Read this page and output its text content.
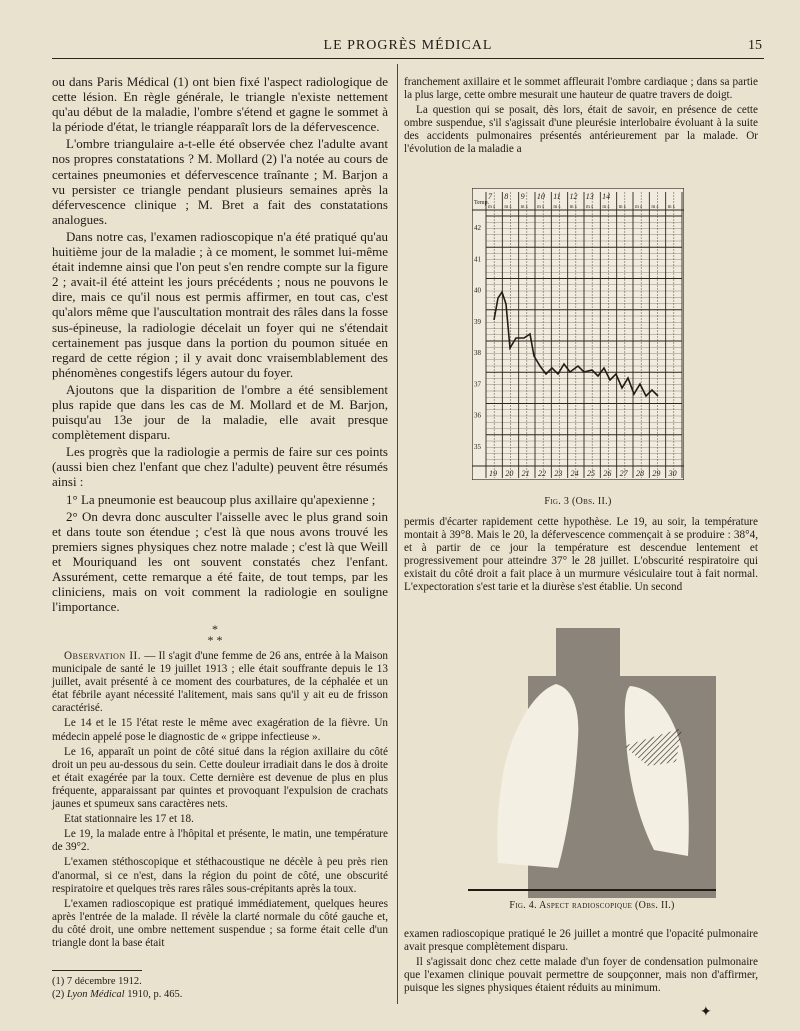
LE PROGRÈS MÉDICAL	15

ou dans Paris Médical (1) ont bien fixé l'aspect radiologique de cette lésion. En règle générale, le triangle n'existe nettement qu'au début de la maladie, l'ombre s'étend et gagne le sommet à la période d'état, le triangle réapparaît lors de la défervescence.

L'ombre triangulaire a-t-elle été observée chez l'adulte avant nos propres constatations ? M. Mollard (2) l'a notée au cours de certaines pneumonies et défervescence traînante ; M. Barjon a vu persister ce triangle pendant plusieurs semaines après la défervescence clinique ; M. Bret a fait des constatations analogues.

Dans notre cas, l'examen radioscopique n'a été pratiqué qu'au huitième jour de la maladie ; à ce moment, le sommet lui-même était indemne ainsi que l'on peut s'en rendre compte sur la figure 2 ; avait-il été atteint les jours précédents ; nous ne pouvons le dire, mais ce qu'il nous est permis affirmer, en tout cas, c'est qu'alors même que l'auscultation montrait des râles dans la fosse sus-épineuse, la radiologie décelait un foyer qui ne s'étendait certainement pas jusque dans la portion du poumon située en regard de cette région ; il y avait donc vraisemblablement des phénomènes congestifs légers autour du foyer.

Ajoutons que la disparition de l'ombre a été sensiblement plus rapide que dans les cas de M. Mollard et de M. Barjon, puisqu'au 13e jour de la maladie, elle avait presque complètement disparu.

Les progrès que la radiologie a permis de faire sur ces points (aussi bien chez l'enfant que chez l'adulte) peuvent être résumés ainsi :

1° La pneumonie est beaucoup plus axillaire qu'apexienne ;

2° On devra donc ausculter l'aisselle avec le plus grand soin et dans toute son étendue ; c'est là que nous avons trouvé les premiers signes physiques chez notre malade ; c'est là que Weill et Mouriquand les ont souvent constatés chez l'enfant. Assurément, cette remarque a été faite, de tout temps, par les cliniciens, mais on voit comment la radiologie en souligne l'importance.

*
* *

Observation II. — Il s'agit d'une femme de 26 ans, entrée à la Maison municipale de santé le 19 juillet 1913 ; elle était souffrante depuis le 13 juillet, avait présenté à ce moment des courbatures, de la céphalée et un état fébrile ayant nécessité l'alitement, mais sans qu'il y ait eu de frisson caractérisé.

Le 14 et le 15 l'état reste le même avec exagération de la fièvre. Un médecin appelé pose le diagnostic de « grippe infectieuse ».

Le 16, apparaît un point de côté situé dans la région axillaire du côté droit un peu au-dessous du sein. Cette douleur irradiait dans le dos à droite et était exagérée par la toux. Cette dernière est devenue de plus en plus fréquente, apparaissant par quintes et provoquant l'expulsion de crachats jaunes et spumeux sans caractères nets.

Etat stationnaire les 17 et 18.

Le 19, la malade entre à l'hôpital et présente, le matin, une température de 39°2.

L'examen stéthoscopique et stéthacoustique ne décèle à peu près rien d'anormal, si ce n'est, dans la région du point de côté, une obscurité respiratoire et quelques très rares râles sous-crépitants après la toux.

L'examen radioscopique est pratiqué immédiatement, quelques heures après l'entrée de la malade. Il révèle la clarté normale du côté gauche et, du côté droit, une ombre nettement suspendue ; sa forme était celle d'un triangle dont la base était

(1) 7 décembre 1912.
(2) Lyon Médical 1910, p. 465.

franchement axillaire et le sommet affleurait l'ombre cardiaque ; dans sa partie la plus large, cette ombre mesurait une hauteur de quatre travers de doigt.

La question qui se posait, dès lors, était de savoir, en présence de cette ombre suspendue, s'il s'agissait d'une pleurésie interlobaire évoluant à la suite des accidents pulmonaires présentés antérieurement par la malade. Or l'évolution de la maladie a

42
41
40
39
38
37
36
35
Temp.
7 8 9 10 11 12 13 14
m s m s m s m s m s m s m s m s m s m s m s m s
19 20 21 22 23 24 25 26 27 28 29 30
Fig. 3 (Obs. II.)

permis d'écarter rapidement cette hypothèse. Le 19, au soir, la température montait à 39°8. Mais le 20, la défervescence commençait à se produire : 38°4, et à partir de ce jour la température est descendue lentement et progressivement pour atteindre 37° le 28 juillet. L'obscurité respiratoire qui existait du côté droit a fait place à un murmure vésiculaire tout à fait normal. L'expectoration s'est tarie et la diurèse s'est établie. Un second

Fig. 4. Aspect radioscopique (Obs. II.)

examen radioscopique pratiqué le 26 juillet a montré que l'opacité pulmonaire avait presque complètement disparu.

Il s'agissait donc chez cette malade d'un foyer de condensation pulmonaire que l'examen clinique pouvait permettre de soupçonner, mais non d'affirmer, puisque les signes physiques étaient réduits au minimum.

✦
